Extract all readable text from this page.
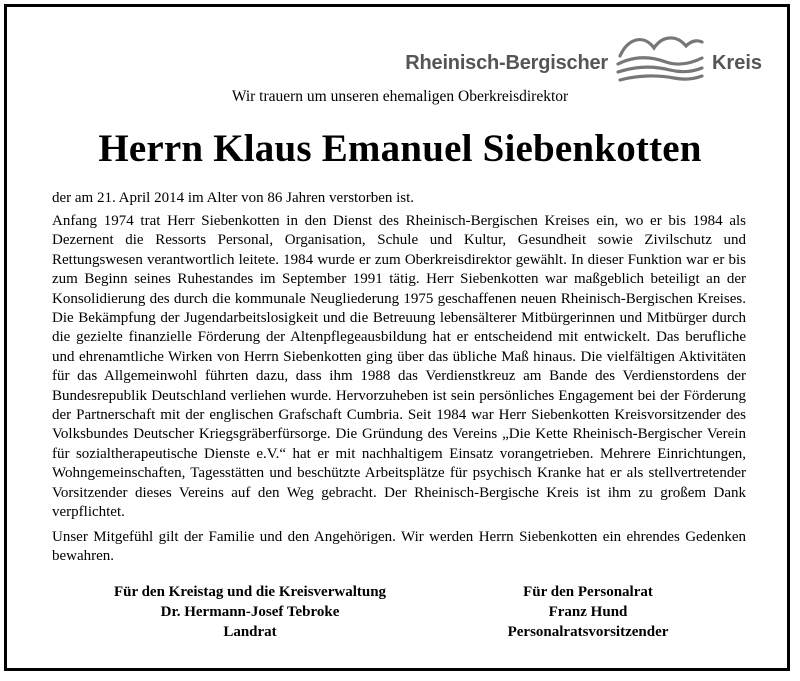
Rheinisch-Bergischer	Kreis
Wir trauern um unseren ehemaligen Oberkreisdirektor
Herrn Klaus Emanuel Siebenkotten

der am 21. April 2014 im Alter von 86 Jahren verstorben ist.

Anfang 1974 trat Herr Siebenkotten in den Dienst des Rheinisch-Bergischen Kreises ein, wo er bis 1984 als Dezernent die Ressorts Personal, Organisation, Schule und Kultur, Gesundheit sowie Zivilschutz und Rettungswesen verantwortlich leitete. 1984 wurde er zum Oberkreisdirektor gewählt. In dieser Funktion war er bis zum Beginn seines Ruhestandes im September 1991 tätig. Herr Siebenkotten war maßgeblich beteiligt an der Konsolidierung des durch die kommunale Neugliederung 1975 geschaffenen neuen Rheinisch-Bergischen Kreises. Die Bekämpfung der Jugendarbeitslosigkeit und die Betreuung lebensälterer Mitbürgerinnen und Mitbürger durch die gezielte finanzielle Förderung der Altenpflegeausbildung hat er entscheidend mit entwickelt. Das berufliche und ehrenamtliche Wirken von Herrn Siebenkotten ging über das übliche Maß hinaus. Die vielfältigen Aktivitäten für das Allgemeinwohl führten dazu, dass ihm 1988 das Verdienstkreuz am Bande des Verdienstordens der Bundesrepublik Deutschland verliehen wurde. Hervorzuheben ist sein persönliches Engagement bei der Förderung der Partnerschaft mit der englischen Grafschaft Cumbria. Seit 1984 war Herr Siebenkotten Kreisvorsitzender des Volksbundes Deutscher Kriegsgräberfürsorge. Die Gründung des Vereins „Die Kette Rheinisch-Bergischer Verein für sozialtherapeutische Dienste e.V.“ hat er mit nachhaltigem Einsatz vorangetrieben. Mehrere Einrichtungen, Wohngemeinschaften, Tagesstätten und beschützte Arbeitsplätze für psychisch Kranke hat er als stellvertretender Vorsitzender dieses Vereins auf den Weg gebracht. Der Rheinisch-Bergische Kreis ist ihm zu großem Dank verpflichtet.

Unser Mitgefühl gilt der Familie und den Angehörigen. Wir werden Herrn Siebenkotten ein ehrendes Gedenken bewahren.

Für den Kreistag und die Kreisverwaltung
Dr. Hermann-Josef Tebroke
Landrat
Für den Personalrat
Franz Hund
Personalratsvorsitzender
